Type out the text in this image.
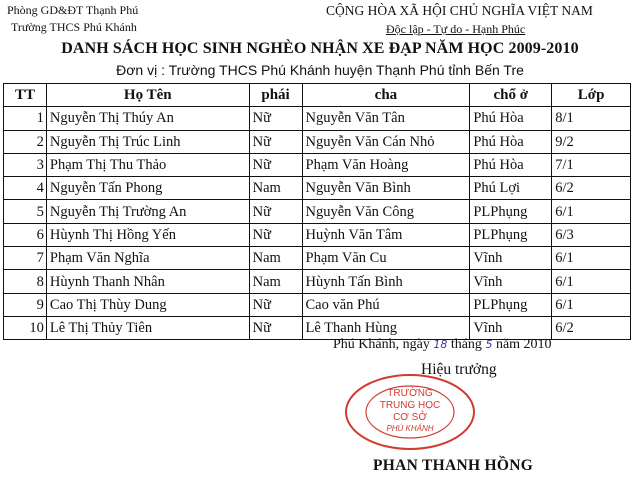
Phòng GD&ĐT Thạnh Phú
Trường THCS Phú Khánh
CỘNG HÒA XÃ HỘI CHỦ NGHĨA VIỆT NAM
Độc lập - Tự do - Hạnh Phúc
DANH SÁCH HỌC SINH NGHÈO NHẬN XE ĐẠP NĂM HỌC 2009-2010
Đơn vị : Trường THCS Phú Khánh huyện Thạnh Phú tỉnh Bến Tre
TT	Họ Tên	phái	cha	chổ ở	Lớp
1	Nguyễn Thị Thúy An	Nữ	Nguyễn Văn Tân	Phú Hòa	8/1
2	Nguyễn Thị Trúc Linh	Nữ	Nguyễn Văn Cán Nhỏ	Phú Hòa	9/2
3	Phạm Thị Thu Thảo	Nữ	Phạm Văn Hoàng	Phú Hòa	7/1
4	Nguyễn Tấn Phong	Nam	Nguyễn Văn Bình	Phú Lợi	6/2
5	Nguyễn Thị Trường An	Nữ	Nguyễn Văn Công	PLPhụng	6/1
6	Hùynh Thị Hồng Yến	Nữ	Huỳnh Văn Tâm	PLPhụng	6/3
7	Phạm Văn Nghĩa	Nam	Phạm Văn Cu	Vĩnh	6/1
8	Hùynh Thanh Nhân	Nam	Hùynh Tấn Bình	Vĩnh	6/1
9	Cao Thị Thùy Dung	Nữ	Cao văn Phú	PLPhụng	6/1
10	Lê Thị Thủy Tiên	Nữ	Lê Thanh Hùng	Vĩnh	6/2
Phú Khánh, ngày 18 tháng 5 năm 2010
Hiệu trưởng
TRƯỜNG
TRUNG HỌC
CƠ SỞ
PHÚ KHÁNH
PHAN THANH HỒNG
